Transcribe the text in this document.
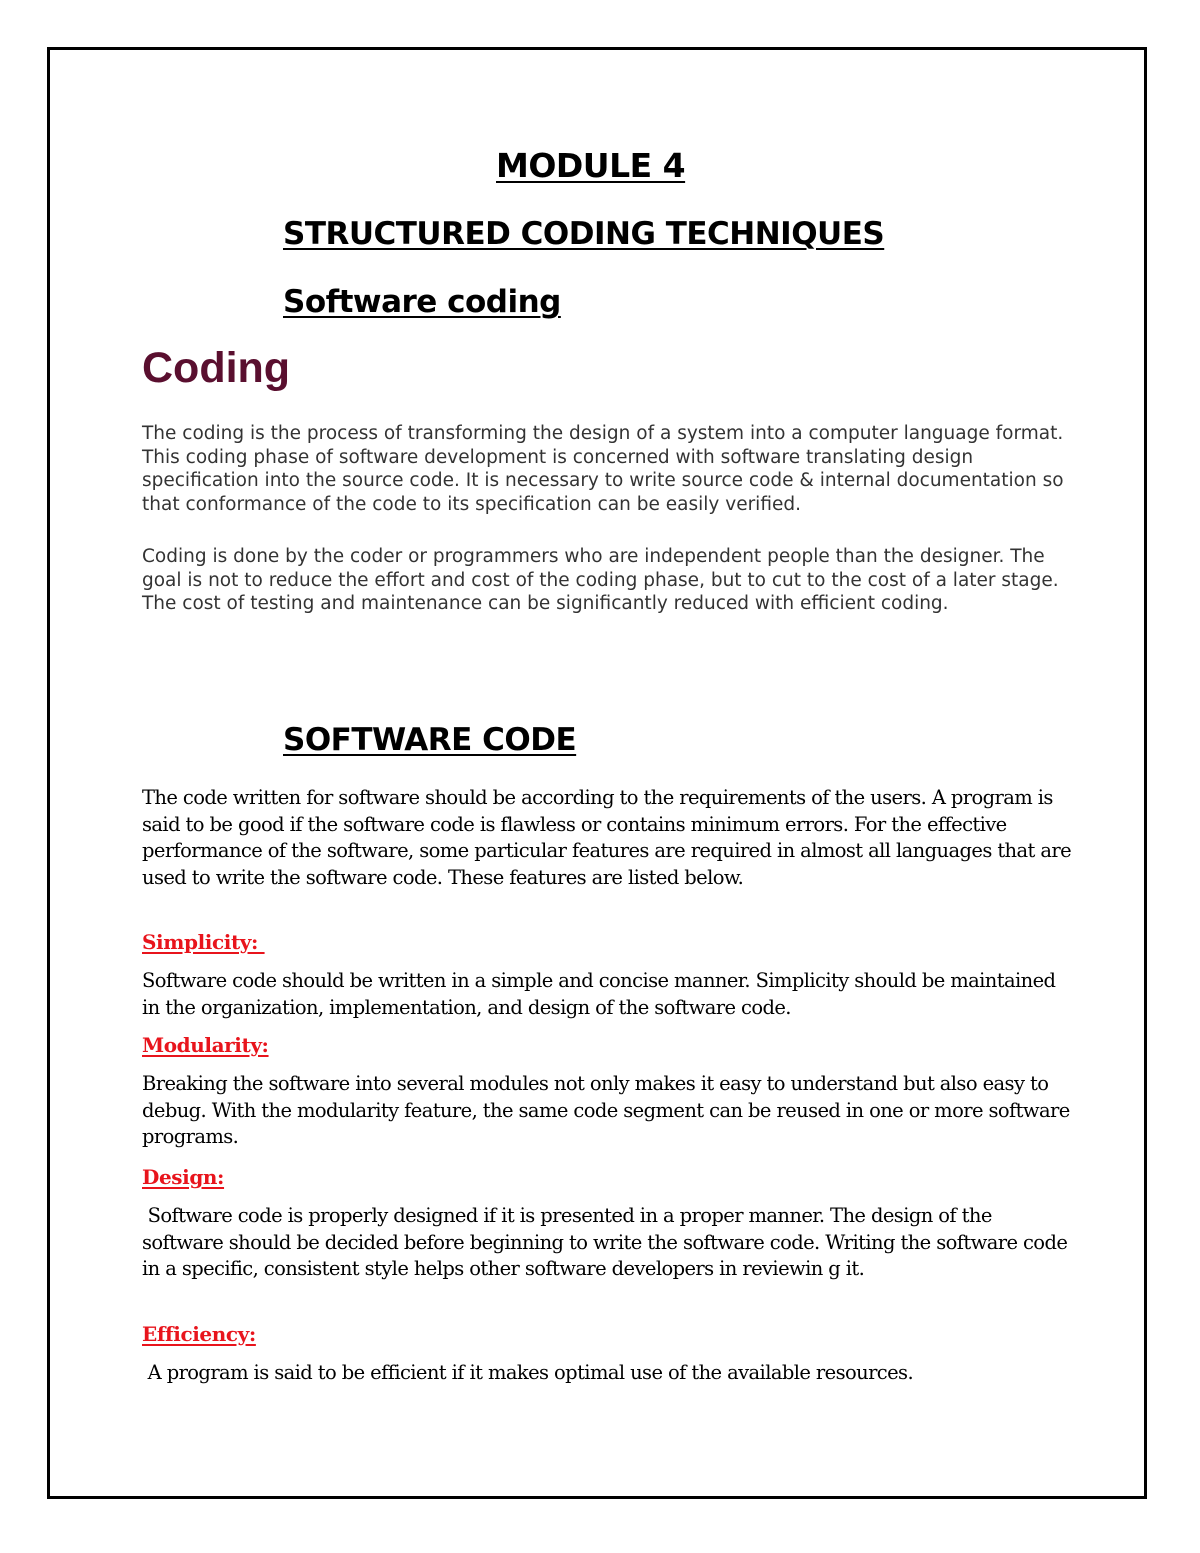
MODULE 4
STRUCTURED CODING TECHNIQUES
Software coding
Coding

The coding is the process of transforming the design of a system into a computer language format. This coding phase of software development is concerned with software translating design specification into the source code. It is necessary to write source code & internal documentation so that conformance of the code to its specification can be easily verified.

Coding is done by the coder or programmers who are independent people than the designer. The goal is not to reduce the effort and cost of the coding phase, but to cut to the cost of a later stage. The cost of testing and maintenance can be significantly reduced with efficient coding.

SOFTWARE CODE

The code written for software should be according to the requirements of the users. A program is said to be good if the software code is flawless or contains minimum errors. For the effective performance of the software, some particular features are required in almost all languages that are used to write the software code. These features are listed below.

Simplicity:

Software code should be written in a simple and concise manner. Simplicity should be maintained in the organization, implementation, and design of the software code.

Modularity:

Breaking the software into several modules not only makes it easy to understand but also easy to debug. With the modularity feature, the same code segment can be reused in one or more software programs.

Design:

Software code is properly designed if it is presented in a proper manner. The design of the software should be decided before beginning to write the software code. Writing the software code in a specific, consistent style helps other software developers in reviewin g it.

Efficiency:

A program is said to be efficient if it makes optimal use of the available resources.
